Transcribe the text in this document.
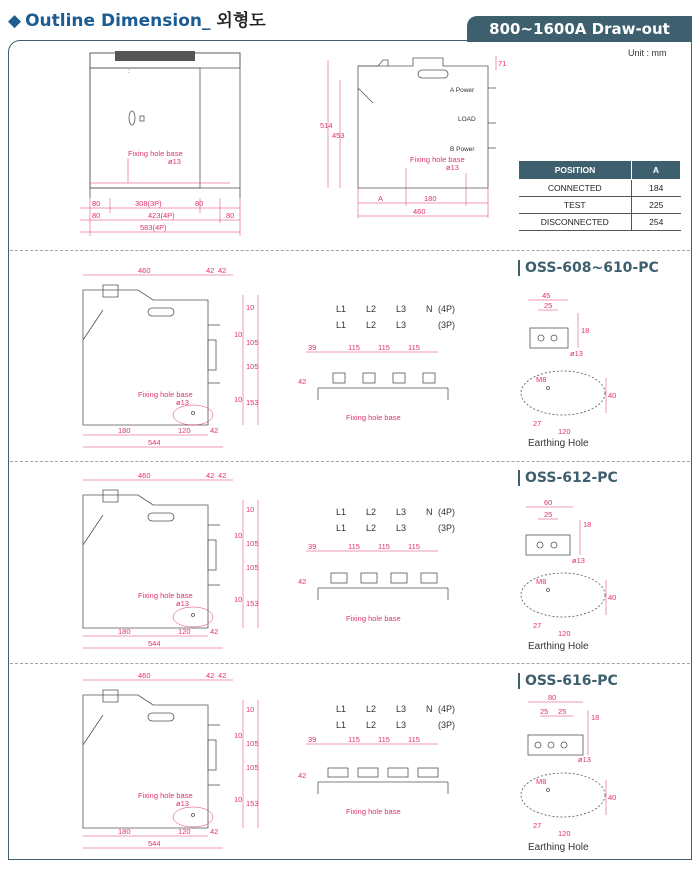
◆ Outline Dimension_ 외형도	800~1600A Draw-out
Unit : mm
:
Fixing hole base
ø13
80	308(3P)	80
80	423(4P)	80
583(4P)
A Power
LOAD
B Power
71
514
453
Fixing hole base
ø13
A	180
460
POSITION	A
CONNECTED	184
TEST	225
DISCONNECTED	254
OSS-608~610-PC
OSS-612-PC
OSS-616-PC
Earthing Hole
Earthing Hole
Earthing Hole
460	42 42
Fixing hole base
ø13
10
10
105
105
10 153
180	120	42
544
L1 L2 L3 N (4P)
L1 L2 L3	(3P)
39	115 115 115
42
Fixing hole base
45
25
18
ø13
M8
40
27
120
460	42 42
Fixing hole base
ø13
10
10
105
105
10 153
180	120	42
544
L1 L2 L3 N (4P)
L1 L2 L3	(3P)
39	115 115 115
42
Fixing hole base
60
25
18
ø13
M8
40
27
120
460	42 42
Fixing hole base
ø13
10
10
105
105
10 153
180	120	42
544
L1 L2 L3 N (4P)
L1 L2 L3	(3P)
39	115 115 115
42
Fixing hole base
80
25 25
18
ø13
M8
40
27
120
